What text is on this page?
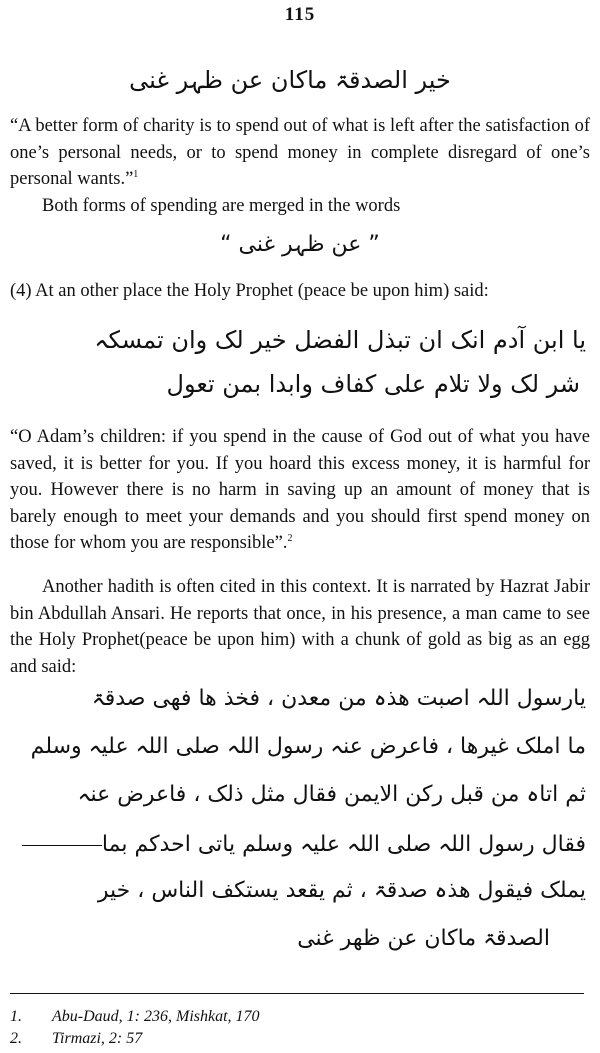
115
خیر الصدقۃ ماکان عن ظہر غنی

“A better form of charity is to spend out of what is left after the satisfaction of one’s personal needs, or to spend money in complete disregard of one’s personal wants.”$^1$

Both forms of spending are merged in the words

” عن ظہر غنی “

(4) At an other place the Holy Prophet (peace be upon him) said:

یا ابن آدم انک ان تبذل الفضل خیر لک وان تمسکہ
شر لک ولا تلام علی کفاف وابدا بمن تعول

“O Adam’s children: if you spend in the cause of God out of what you have saved, it is better for you. If you hoard this excess money, it is harmful for you. However there is no harm in saving up an amount of money that is barely enough to meet your demands and you should first spend money on those for whom you are responsible”.$^2$

Another hadith is often cited in this context. It is narrated by Hazrat Jabir bin Abdullah Ansari. He reports that once, in his presence, a man came to see the Holy Prophet(peace be upon him) with a chunk of gold as big as an egg and said:

یارسول اللہ اصبت ھذہ من معدن ، فخذ ھا فھی صدقۃ
ما املک غیرھا ، فاعرض عنہ رسول اللہ صلی اللہ علیہ وسلم
ثم اتاہ من قبل رکن الایمن فقال مثل ذلک ، فاعرض عنہ
فقال رسول اللہ صلی اللہ علیہ وسلم یاتی احدکم بما
یملک فیقول ھذہ صدقۃ ، ثم یقعد یستکف الناس ، خیر
الصدقۃ ماکان عن ظھر غنی
1. Abu-Daud, 1: 236, Mishkat, 170
2. Tirmazi, 2: 57
